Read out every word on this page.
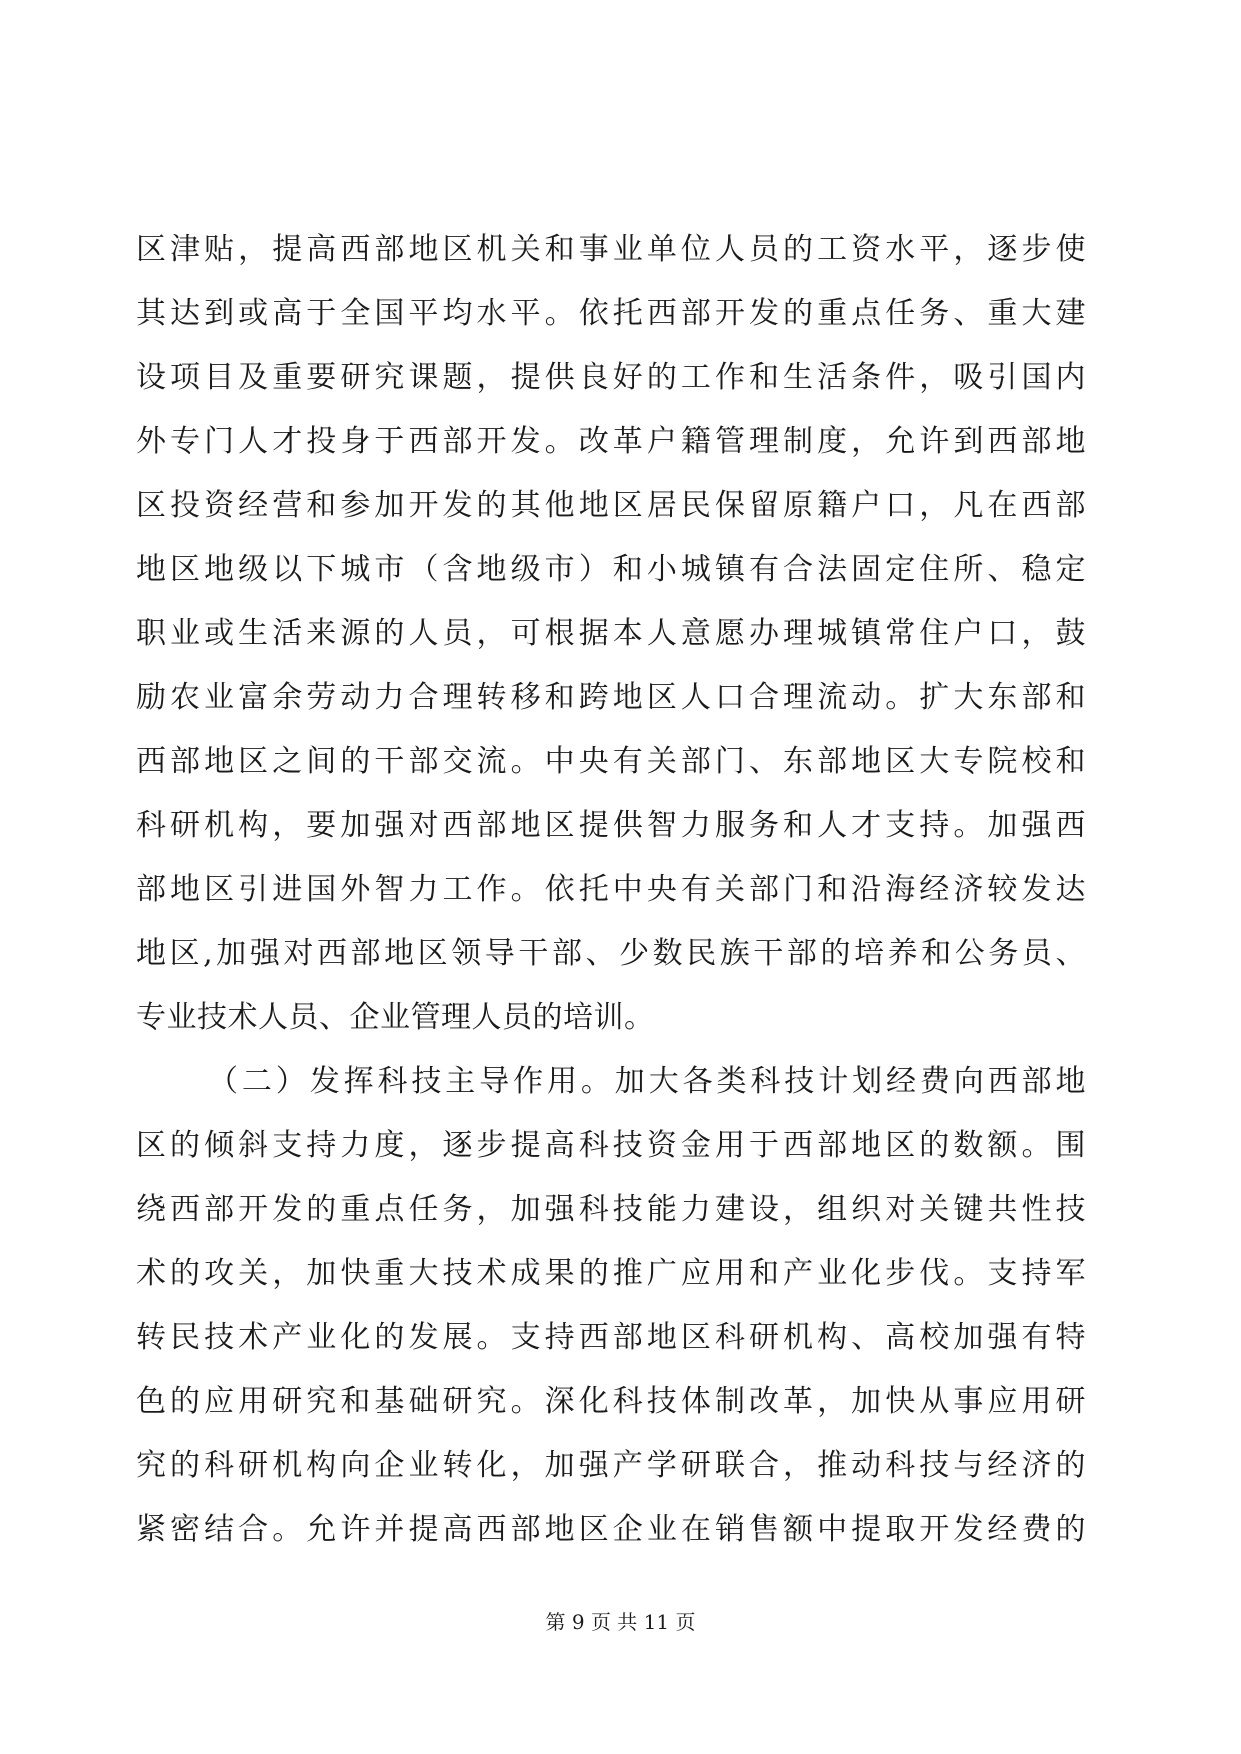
区津贴，提高西部地区机关和事业单位人员的工资水平，逐步使
其达到或高于全国平均水平。依托西部开发的重点任务、重大建
设项目及重要研究课题，提供良好的工作和生活条件，吸引国内
外专门人才投身于西部开发。改革户籍管理制度，允许到西部地
区投资经营和参加开发的其他地区居民保留原籍户口，凡在西部
地区地级以下城市（含地级市）和小城镇有合法固定住所、稳定
职业或生活来源的人员，可根据本人意愿办理城镇常住户口，鼓
励农业富余劳动力合理转移和跨地区人口合理流动。扩大东部和
西部地区之间的干部交流。中央有关部门、东部地区大专院校和
科研机构，要加强对西部地区提供智力服务和人才支持。加强西
部地区引进国外智力工作。依托中央有关部门和沿海经济较发达
地区,加强对西部地区领导干部、少数民族干部的培养和公务员、
专业技术人员、企业管理人员的培训。
（二）发挥科技主导作用。加大各类科技计划经费向西部地
区的倾斜支持力度，逐步提高科技资金用于西部地区的数额。围
绕西部开发的重点任务，加强科技能力建设，组织对关键共性技
术的攻关，加快重大技术成果的推广应用和产业化步伐。支持军
转民技术产业化的发展。支持西部地区科研机构、高校加强有特
色的应用研究和基础研究。深化科技体制改革，加快从事应用研
究的科研机构向企业转化，加强产学研联合，推动科技与经济的
紧密结合。允许并提高西部地区企业在销售额中提取开发经费的
第 9 页 共 11 页
